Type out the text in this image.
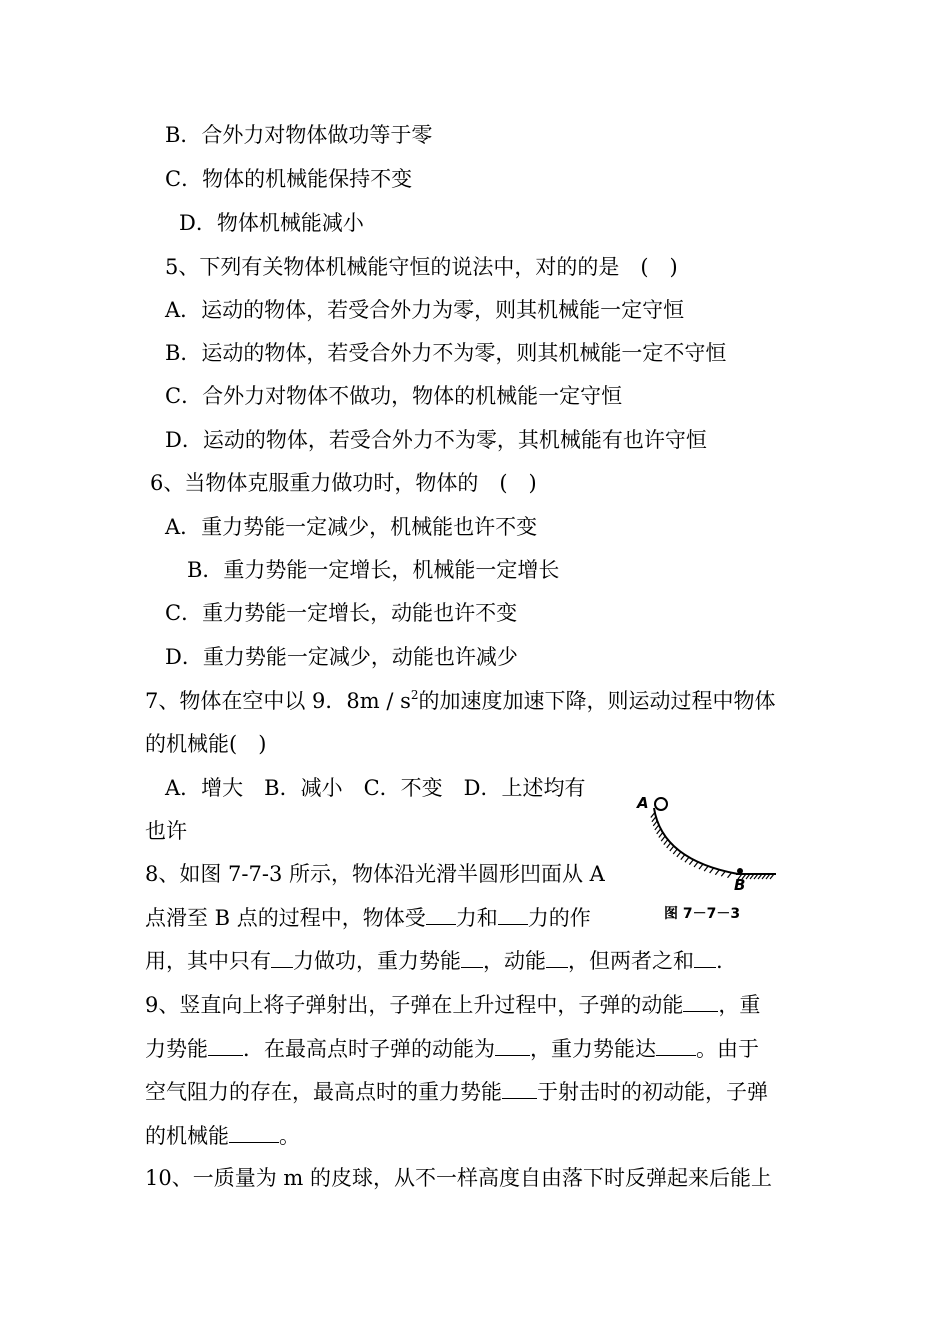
B．合外力对物体做功等于零
C．物体的机械能保持不变
D．物体机械能减小
5、下列有关物体机械能守恒的说法中，对的的是　(　)
A．运动的物体，若受合外力为零，则其机械能一定守恒
B．运动的物体，若受合外力不为零，则其机械能一定不守恒
C．合外力对物体不做功，物体的机械能一定守恒
D．运动的物体，若受合外力不为零，其机械能有也许守恒
6、当物体克服重力做功时，物体的　(　)
A．重力势能一定减少，机械能也许不变
B．重力势能一定增长，机械能一定增长
C．重力势能一定增长，动能也许不变
D．重力势能一定减少，动能也许减少
7、物体在空中以 9．$8m / s^2$的加速度加速下降，则运动过程中物体
的机械能(　)
A．增大　B．减小　C．不变　D．上述均有
也许
8、如图 7-7-3 所示，物体沿光滑半圆形凹面从 A
点滑至 B 点的过程中，物体受 力和 力的作
用，其中只有 力做功，重力势能 ，动能 ，但两者之和 .
9、竖直向上将子弹射出，子弹在上升过程中，子弹的动能 ，重
力势能 ．在最高点时子弹的动能为 ，重力势能达 。由于
空气阻力的存在，最高点时的重力势能 于射击时的初动能，子弹
的机械能 。
10、一质量为 m 的皮球，从不一样高度自由落下时反弹起来后能上
A
B
图 7－7－3
